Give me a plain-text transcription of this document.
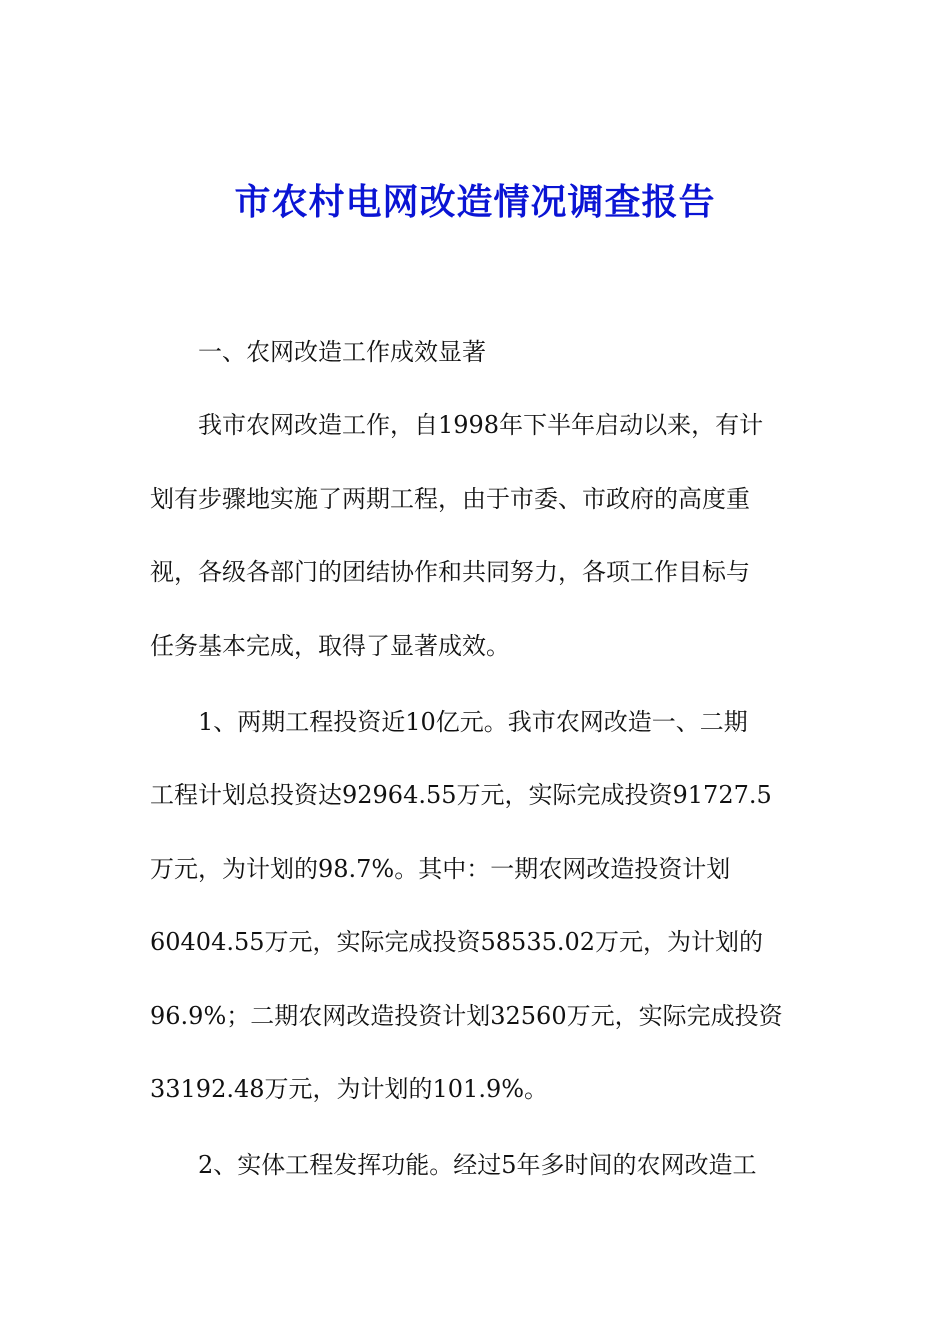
市农村电网改造情况调查报告

一、农网改造工作成效显著

我市农网改造工作，自1998年下半年启动以来，有计

划有步骤地实施了两期工程，由于市委、市政府的高度重

视，各级各部门的团结协作和共同努力，各项工作目标与

任务基本完成，取得了显著成效。

1、两期工程投资近10亿元。我市农网改造一、二期

工程计划总投资达92964.55万元，实际完成投资91727.5

万元，为计划的98.7%。其中：一期农网改造投资计划

60404.55万元，实际完成投资58535.02万元，为计划的

96.9%；二期农网改造投资计划32560万元，实际完成投资

33192.48万元，为计划的101.9%。

2、实体工程发挥功能。经过5年多时间的农网改造工
